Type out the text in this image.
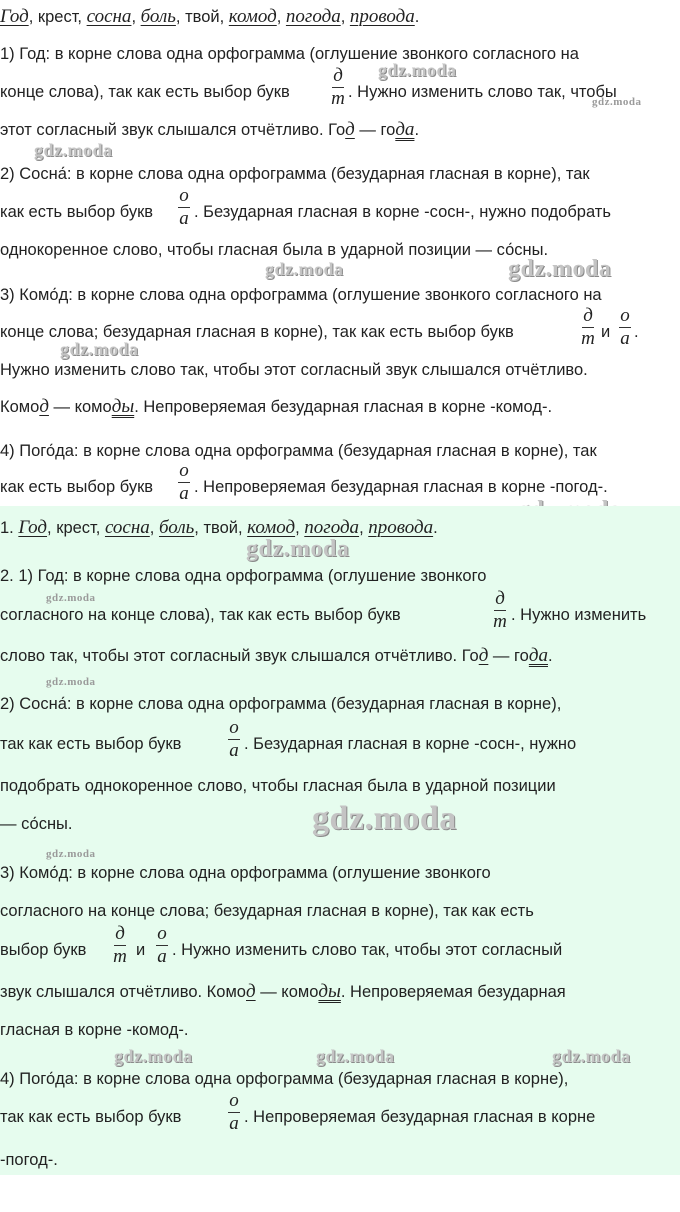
Год, крест, сосна, боль, твой, комод, погода, провода.
1) Год: в корне слова одна орфограмма (оглушение звонкого согласного на
конце слова), так как есть выбор букв
д
т . Нужно изменить слово так, чтобы
этот согласный звук слышался отчётливо. Год — года.
2) Сосна́: в корне слова одна орфограмма (безударная гласная в корне), так
как есть выбор букв
о
а . Безударная гласная в корне -сосн-, нужно подобрать
однокоренное слово, чтобы гласная была в ударной позиции — со́сны.
3) Комо́д: в корне слова одна орфограмма (оглушение звонкого согласного на
конце слова; безударная гласная в корне), так как есть выбор букв
д
т и
о
а .
Нужно изменить слово так, чтобы этот согласный звук слышался отчётливо.
Комод — комоды. Непроверяемая безударная гласная в корне -комод-.
4) Пого́да: в корне слова одна орфограмма (безударная гласная в корне), так
как есть выбор букв
о
а . Непроверяемая безударная гласная в корне -погод-.
gdz.moda
gdz.moda
gdz.moda
gdz.moda	gdz.moda
gdz.moda
1. Год, крест, сосна, боль, твой, комод, погода, провода.
2. 1) Год: в корне слова одна орфограмма (оглушение звонкого
согласного на конце слова), так как есть выбор букв
д
т . Нужно изменить
слово так, чтобы этот согласный звук слышался отчётливо. Год — года.
2) Сосна́: в корне слова одна орфограмма (безударная гласная в корне),
так как есть выбор букв
о
а . Безударная гласная в корне -сосн-, нужно
подобрать однокоренное слово, чтобы гласная была в ударной позиции
— со́сны.
3) Комо́д: в корне слова одна орфограмма (оглушение звонкого
согласного на конце слова; безударная гласная в корне), так как есть
выбор букв
д
т и
о
а . Нужно изменить слово так, чтобы этот согласный
звук слышался отчётливо. Комод — комоды. Непроверяемая безударная
гласная в корне -комод-.
4) Пого́да: в корне слова одна орфограмма (безударная гласная в корне),
так как есть выбор букв
о
а . Непроверяемая безударная гласная в корне
-погод-.
gdz.moda
gdz.moda
gdz.moda
gdz.moda
gdz.moda
gdz.moda	gdz.moda	gdz.moda
